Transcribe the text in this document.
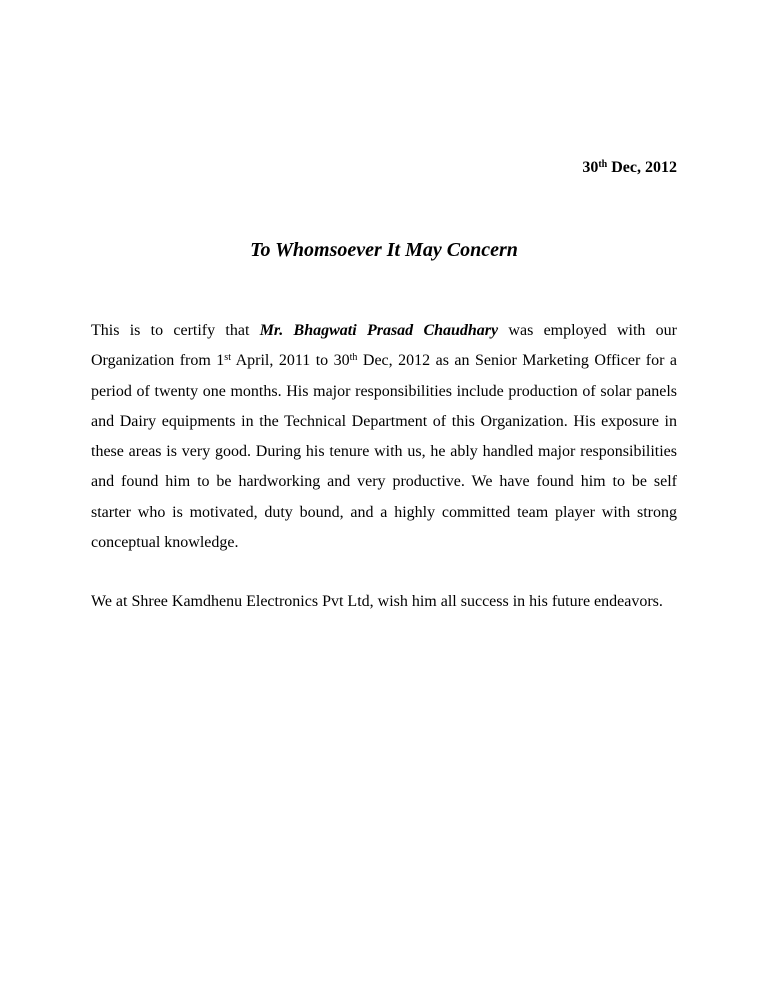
30th Dec, 2012
To Whomsoever It May Concern
This is to certify that Mr. Bhagwati Prasad Chaudhary was employed with our Organization from 1st April, 2011 to 30th Dec, 2012 as an Senior Marketing Officer for a period of twenty one months. His major responsibilities include production of solar panels and Dairy equipments in the Technical Department of this Organization. His exposure in these areas is very good. During his tenure with us, he ably handled major responsibilities and found him to be hardworking and very productive. We have found him to be self starter who is motivated, duty bound, and a highly committed team player with strong conceptual knowledge.
We at Shree Kamdhenu Electronics Pvt Ltd, wish him all success in his future endeavors.
